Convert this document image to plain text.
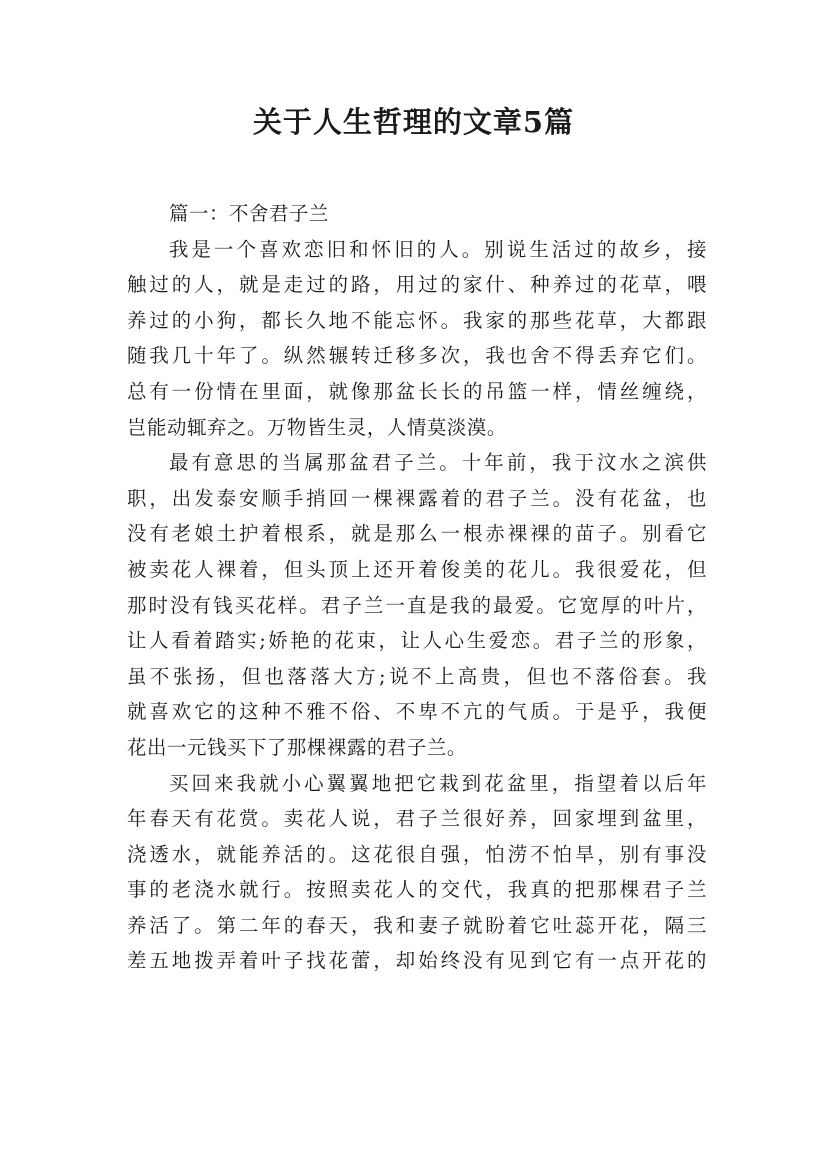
关于人生哲理的文章5篇
篇一：不舍君子兰
我是一个喜欢恋旧和怀旧的人。别说生活过的故乡，接
触过的人，就是走过的路，用过的家什、种养过的花草，喂
养过的小狗，都长久地不能忘怀。我家的那些花草，大都跟
随我几十年了。纵然辗转迁移多次，我也舍不得丢弃它们。
总有一份情在里面，就像那盆长长的吊篮一样，情丝缠绕，
岂能动辄弃之。万物皆生灵，人情莫淡漠。
最有意思的当属那盆君子兰。十年前，我于汶水之滨供
职，出发泰安顺手捎回一棵裸露着的君子兰。没有花盆，也
没有老娘土护着根系，就是那么一根赤裸裸的苗子。别看它
被卖花人裸着，但头顶上还开着俊美的花儿。我很爱花，但
那时没有钱买花样。君子兰一直是我的最爱。它宽厚的叶片，
让人看着踏实;娇艳的花束，让人心生爱恋。君子兰的形象，
虽不张扬，但也落落大方;说不上高贵，但也不落俗套。我
就喜欢它的这种不雅不俗、不卑不亢的气质。于是乎，我便
花出一元钱买下了那棵裸露的君子兰。
买回来我就小心翼翼地把它栽到花盆里，指望着以后年
年春天有花赏。卖花人说，君子兰很好养，回家埋到盆里，
浇透水，就能养活的。这花很自强，怕涝不怕旱，别有事没
事的老浇水就行。按照卖花人的交代，我真的把那棵君子兰
养活了。第二年的春天，我和妻子就盼着它吐蕊开花，隔三
差五地拨弄着叶子找花蕾，却始终没有见到它有一点开花的
